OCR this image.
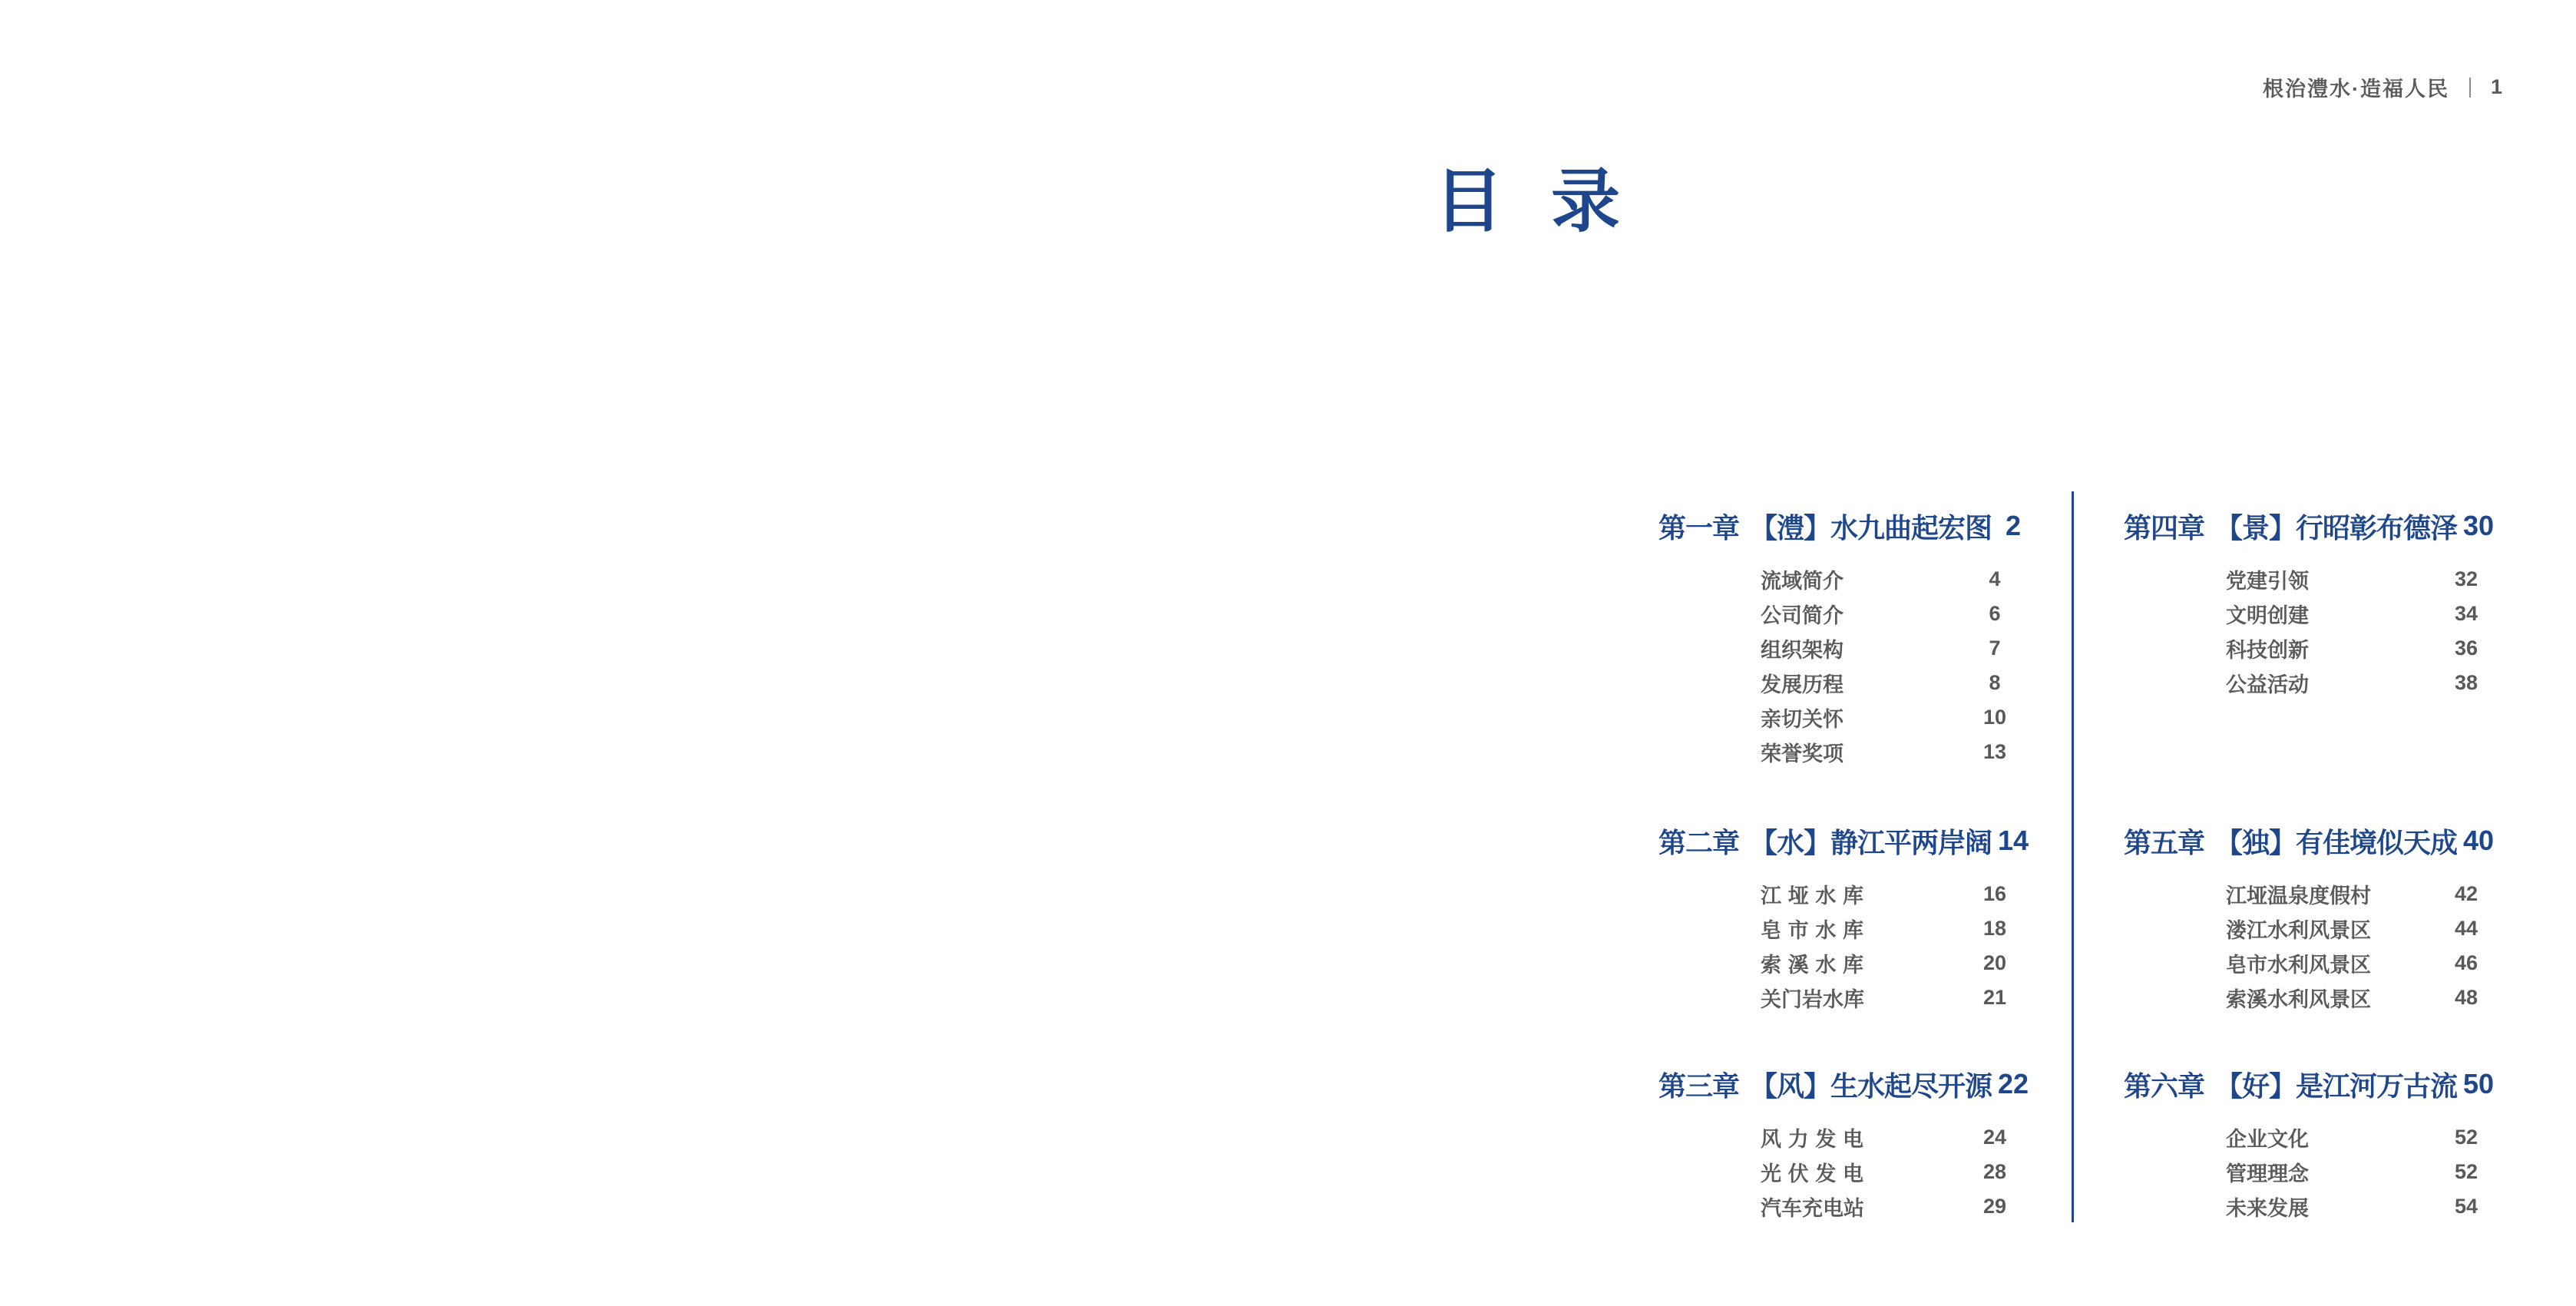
根治澧水·造福人民 1
目 录
第一章 【澧】水九曲起宏图 2
流域简介	4
公司简介	6
组织架构	7
发展历程	8
亲切关怀	10
荣誉奖项	13
第二章 【水】静江平两岸阔 14
江垭水库	16
皂市水库	18
索溪水库	20
关门岩水库	21
第三章 【风】生水起尽开源 22
风力发电	24
光伏发电	28
汽车充电站	29
第四章 【景】行昭彰布德泽 30
党建引领	32
文明创建	34
科技创新	36
公益活动	38
第五章 【独】有佳境似天成 40
江垭温泉度假村	42
溇江水利风景区	44
皂市水利风景区	46
索溪水利风景区	48
第六章 【好】是江河万古流 50
企业文化	52
管理理念	52
未来发展	54
